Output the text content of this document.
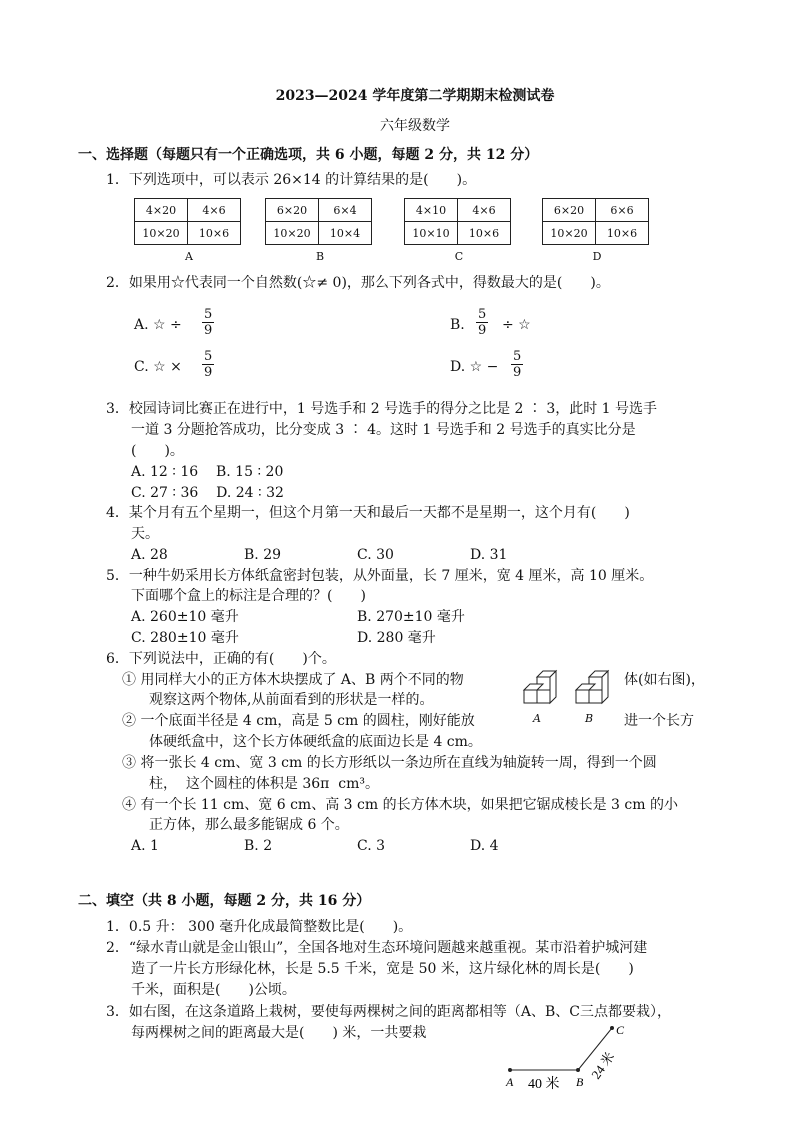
2023—2024 学年度第二学期期末检测试卷
六年级数学
一、选择题（每题只有一个正确选项，共 6 小题，每题 2 分，共 12 分）
1．下列选项中，可以表示 26×14 的计算结果的是(　　)。
4×20	4×6
10×20	10×6
A
6×20	6×4
10×20	10×4
B
4×10	4×6
10×10	10×6
C
6×20	6×6
10×20	10×6
D
2．如果用☆代表同一个自然数(☆≠ 0)，那么下列各式中，得数最大的是(　　)。
A. ☆ ÷ $\frac{5}{9}$	B. $\frac{5}{9}$ ÷ ☆
C. ☆ × $\frac{5}{9}$	D. ☆ − $\frac{5}{9}$
3．校园诗词比赛正在进行中，1 号选手和 2 号选手的得分之比是 2 ∶ 3，此时 1 号选手
一道 3 分题抢答成功，比分变成 3 ∶ 4。这时 1 号选手和 2 号选手的真实比分是
(　　)。
A. 12 ∶ 16    B. 15 ∶ 20
C. 27 ∶ 36    D. 24 ∶ 32
4．某个月有五个星期一，但这个月第一天和最后一天都不是星期一，这个月有(　　)
天。
A. 28	B. 29	C. 30	D. 31
5．一种牛奶采用长方体纸盒密封包装，从外面量，长 7 厘米，宽 4 厘米，高 10 厘米。
下面哪个盒上的标注是合理的？(　　)
A. 260±10 毫升	B. 270±10 毫升
C. 280±10 毫升	D. 280 毫升
6．下列说法中，正确的有(　　)个。
① 用同样大小的正方体木块摆成了 A、B 两个不同的物	体(如右图)，
观察这两个物体,从前面看到的形状是一样的。
A	B
② 一个底面半径是 4 cm，高是 5 cm 的圆柱，刚好能放	进一个长方
体硬纸盒中，这个长方体硬纸盒的底面边长是 4 cm。
③ 将一张长 4 cm、宽 3 cm 的长方形纸以一条边所在直线为轴旋转一周，得到一个圆
柱，  这个圆柱的体积是 36π  cm³。
④ 有一个长 11 cm、宽 6 cm、高 3 cm 的长方体木块，如果把它锯成棱长是 3 cm 的小
正方体，那么最多能锯成 6 个。
A. 1	B. 2	C. 3	D. 4
二、填空（共 8 小题，每题 2 分，共 16 分）
1．0.5 升： 300 毫升化成最简整数比是(　　)。
2．“绿水青山就是金山银山”，全国各地对生态环境问题越来越重视。某市沿着护城河建
造了一片长方形绿化林，长是 5.5 千米，宽是 50 米，这片绿化林的周长是(　　)
千米，面积是(　　)公顷。
3．如右图，在这条道路上栽树，要使每两棵树之间的距离都相等（A、B、C三点都要栽），
每两棵树之间的距离最大是(　　) 米，一共要栽
A	B
C
40 米
24 米
